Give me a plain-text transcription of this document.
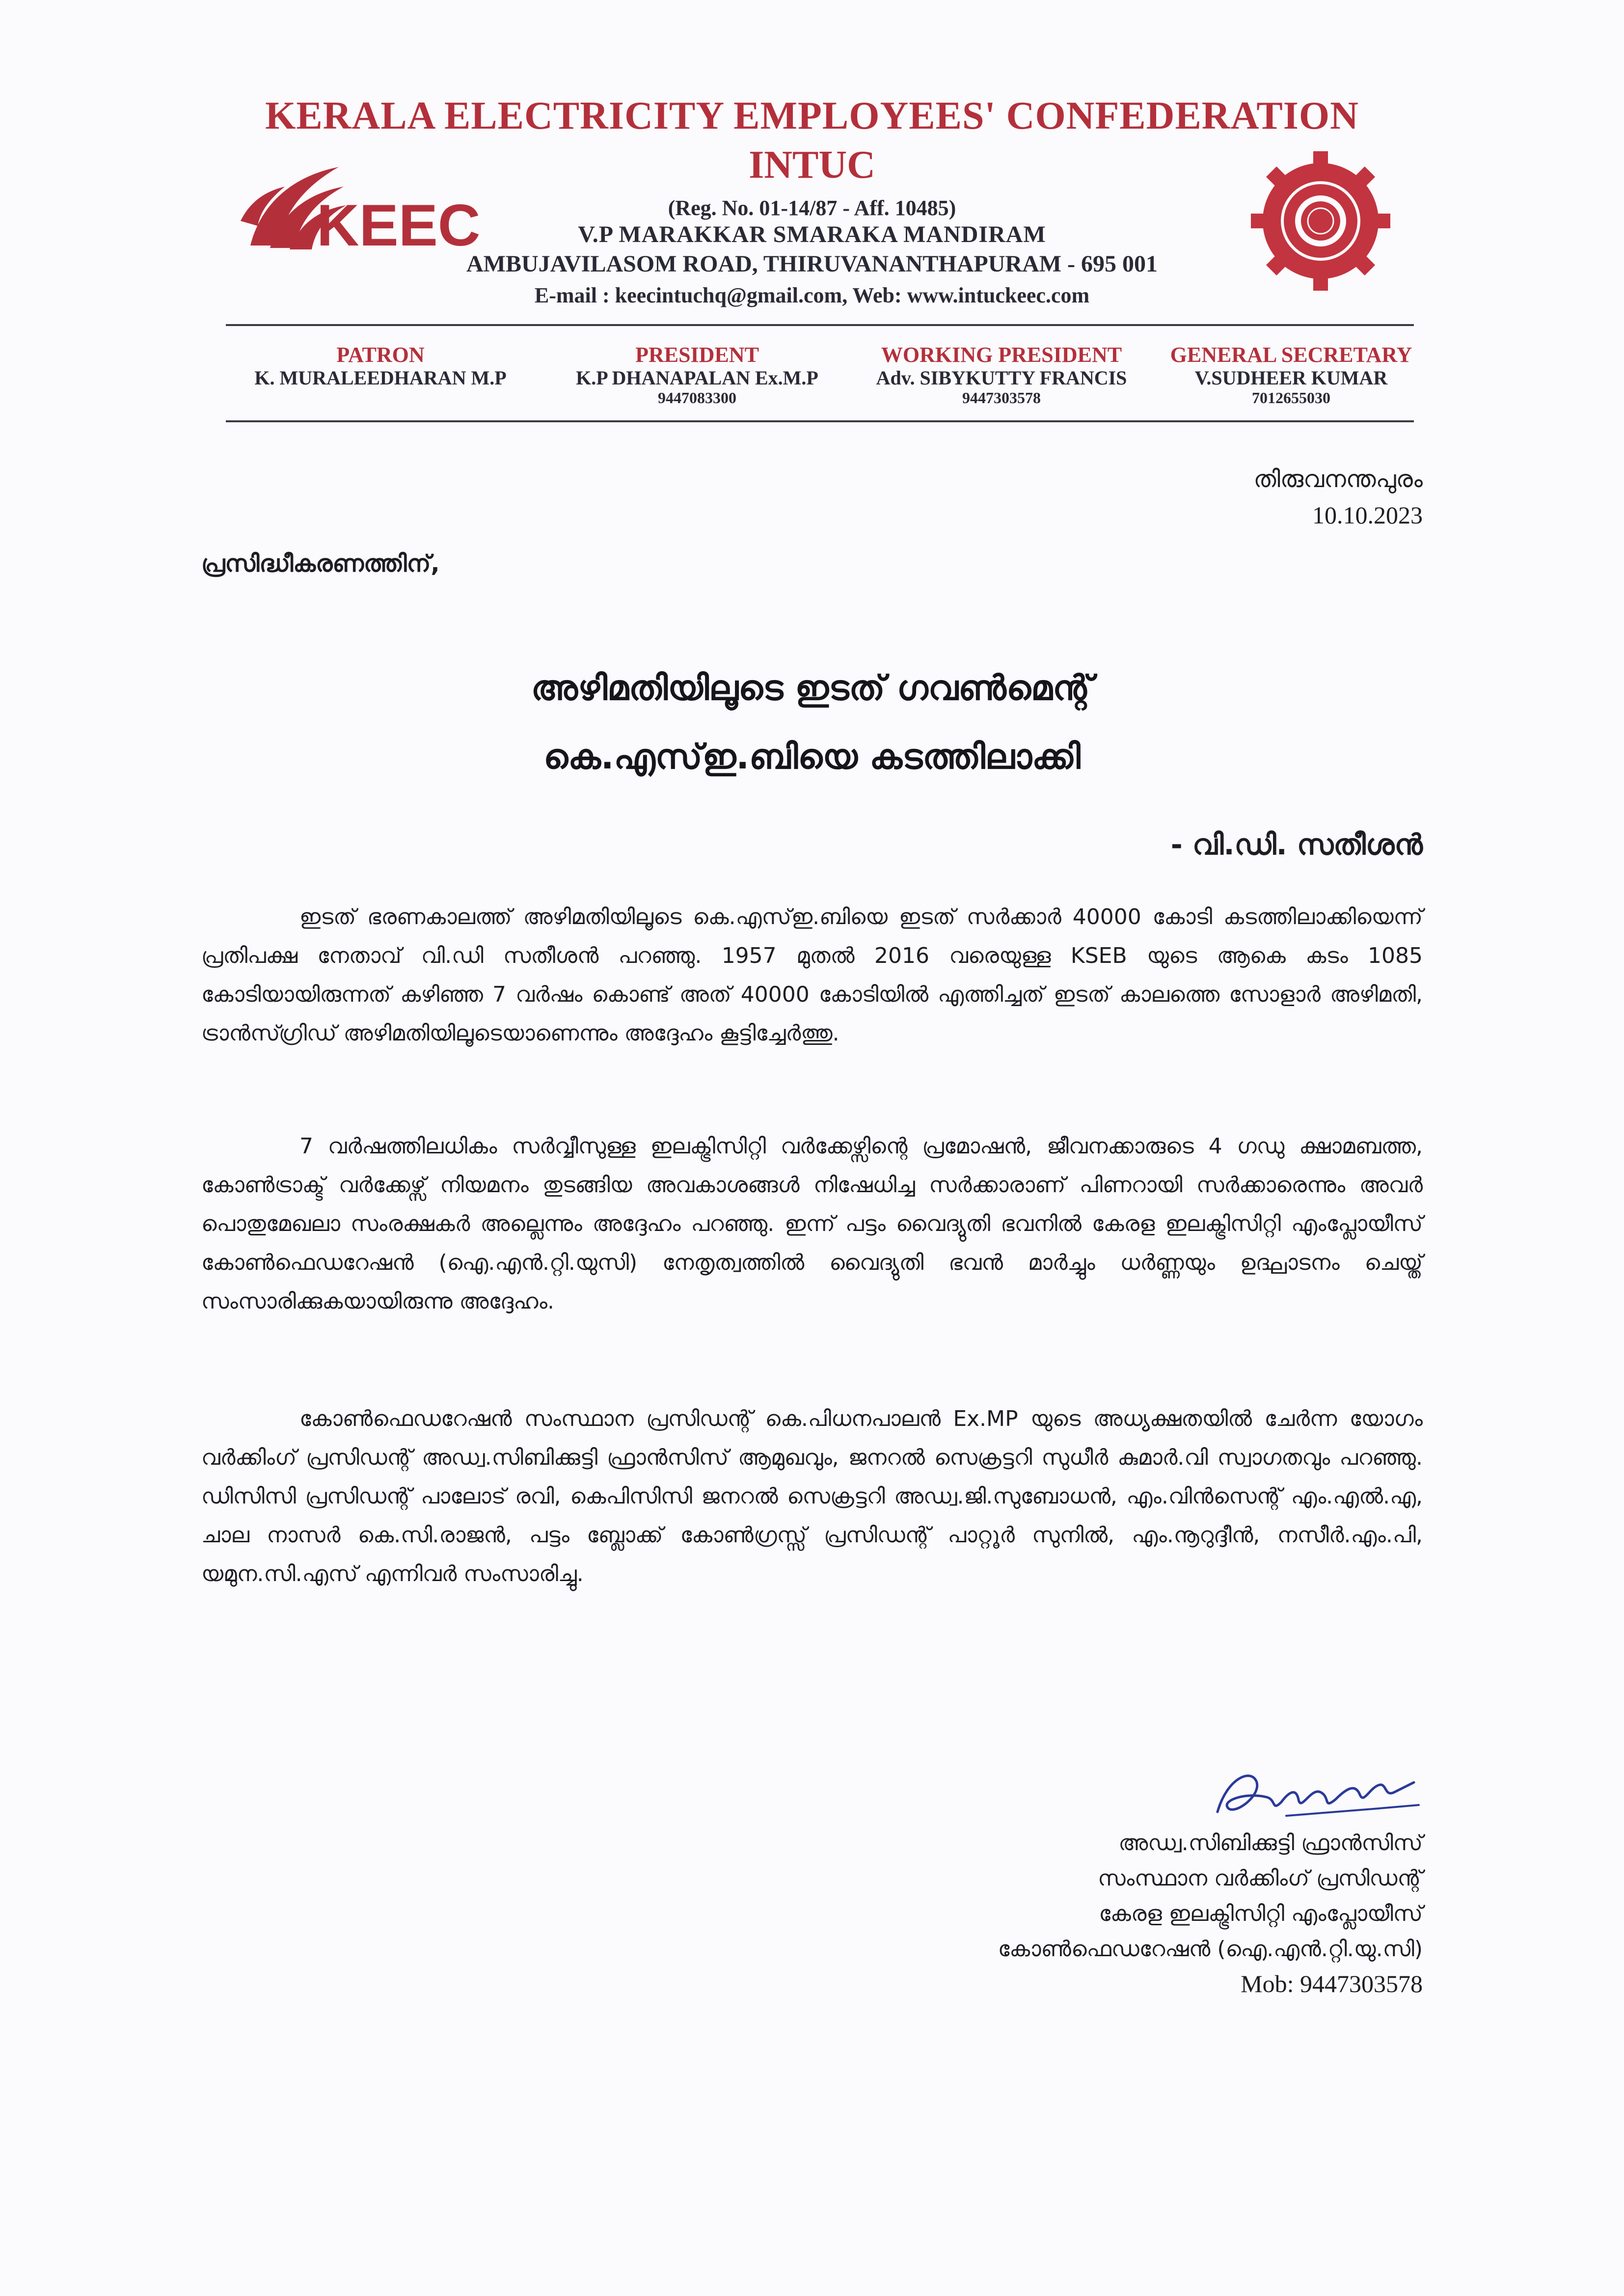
KERALA ELECTRICITY EMPLOYEES' CONFEDERATION
INTUC
KEEC	(Reg. No. 01-14/87 - Aff. 10485)
V.P MARAKKAR SMARAKA MANDIRAM
AMBUJAVILASOM ROAD, THIRUVANANTHAPURAM - 695 001
E-mail : keecintuchq@gmail.com, Web: www.intuckeec.com
PATRON
K. MURALEEDHARAN M.P
PRESIDENT
K.P DHANAPALAN Ex.M.P
9447083300
WORKING PRESIDENT
Adv. SIBYKUTTY FRANCIS
9447303578
GENERAL SECRETARY
V.SUDHEER KUMAR
7012655030
തിരുവനന്തപുരം
10.10.2023
പ്രസിദ്ധീകരണത്തിന്,
അഴിമതിയിലൂടെ ഇടത് ഗവൺമെന്റ്
കെ.എസ്ഇ.ബിയെ കടത്തിലാക്കി
- വി.ഡി. സതീശൻ
ഇടത് ഭരണകാലത്ത് അഴിമതിയിലൂടെ കെ.എസ്ഇ.ബിയെ ഇടത് സർക്കാർ 40000 കോടി കടത്തിലാക്കിയെന്ന് പ്രതിപക്ഷ നേതാവ് വി.ഡി സതീശൻ പറഞ്ഞു. 1957 മുതൽ 2016 വരെയുള്ള KSEB യുടെ ആകെ കടം 1085 കോടിയായിരുന്നത് കഴിഞ്ഞ 7 വർഷം കൊണ്ട് അത് 40000 കോടിയിൽ എത്തിച്ചത് ഇടത് കാലത്തെ സോളാർ അഴിമതി, ട്രാൻസ്ഗ്രിഡ് അഴിമതിയിലൂടെയാണെന്നും അദ്ദേഹം കൂട്ടിച്ചേർത്തു.
7 വർഷത്തിലധികം സർവ്വീസുള്ള ഇലക്ട്രിസിറ്റി വർക്കേഴ്സിന്റെ പ്രമോഷൻ, ജീവനക്കാരുടെ 4 ഗഡു ക്ഷാമബത്ത, കോൺട്രാക്ട് വർക്കേഴ്സ് നിയമനം തുടങ്ങിയ അവകാശങ്ങൾ നിഷേധിച്ച സർക്കാരാണ് പിണറായി സർക്കാരെന്നും അവർ പൊതുമേഖലാ സംരക്ഷകർ അല്ലെന്നും അദ്ദേഹം പറഞ്ഞു. ഇന്ന് പട്ടം വൈദ്യുതി ഭവനിൽ കേരള ഇലക്ട്രിസിറ്റി എംപ്ലോയീസ് കോൺഫെഡറേഷൻ (ഐ.എൻ.റ്റി.യുസി) നേതൃത്വത്തിൽ വൈദ്യുതി ഭവൻ മാർച്ചും ധർണ്ണയും ഉദ്ഘാടനം ചെയ്ത് സംസാരിക്കുകയായിരുന്നു അദ്ദേഹം.
കോൺഫെഡറേഷൻ സംസ്ഥാന പ്രസിഡന്റ് കെ.പിധനപാലൻ Ex.MP യുടെ അധ്യക്ഷതയിൽ ചേർന്ന യോഗം വർക്കിംഗ് പ്രസിഡന്റ് അഡ്വ.സിബിക്കുട്ടി ഫ്രാൻസിസ് ആമുഖവും, ജനറൽ സെക്രട്ടറി സുധീർ കുമാർ.വി സ്വാഗതവും പറഞ്ഞു. ഡിസിസി പ്രസിഡന്റ് പാലോട് രവി, കെപിസിസി ജനറൽ സെക്രട്ടറി അഡ്വ.ജി.സുബോധൻ, എം.വിൻസെന്റ് എം.എൽ.എ, ചാല നാസർ കെ.സി.രാജൻ, പട്ടം ബ്ലോക്ക് കോൺഗ്രസ്സ് പ്രസിഡന്റ് പാറ്റൂർ സുനിൽ, എം.നൂറുദ്ദീൻ, നസീർ.എം.പി, യമുന.സി.എസ് എന്നിവർ സംസാരിച്ചു.
അഡ്വ.സിബിക്കുട്ടി ഫ്രാൻസിസ്
സംസ്ഥാന വർക്കിംഗ് പ്രസിഡന്റ്
കേരള ഇലക്ട്രിസിറ്റി എംപ്ലോയീസ്
കോൺഫെഡറേഷൻ (ഐ.എൻ.റ്റി.യു.സി)
Mob: 9447303578
